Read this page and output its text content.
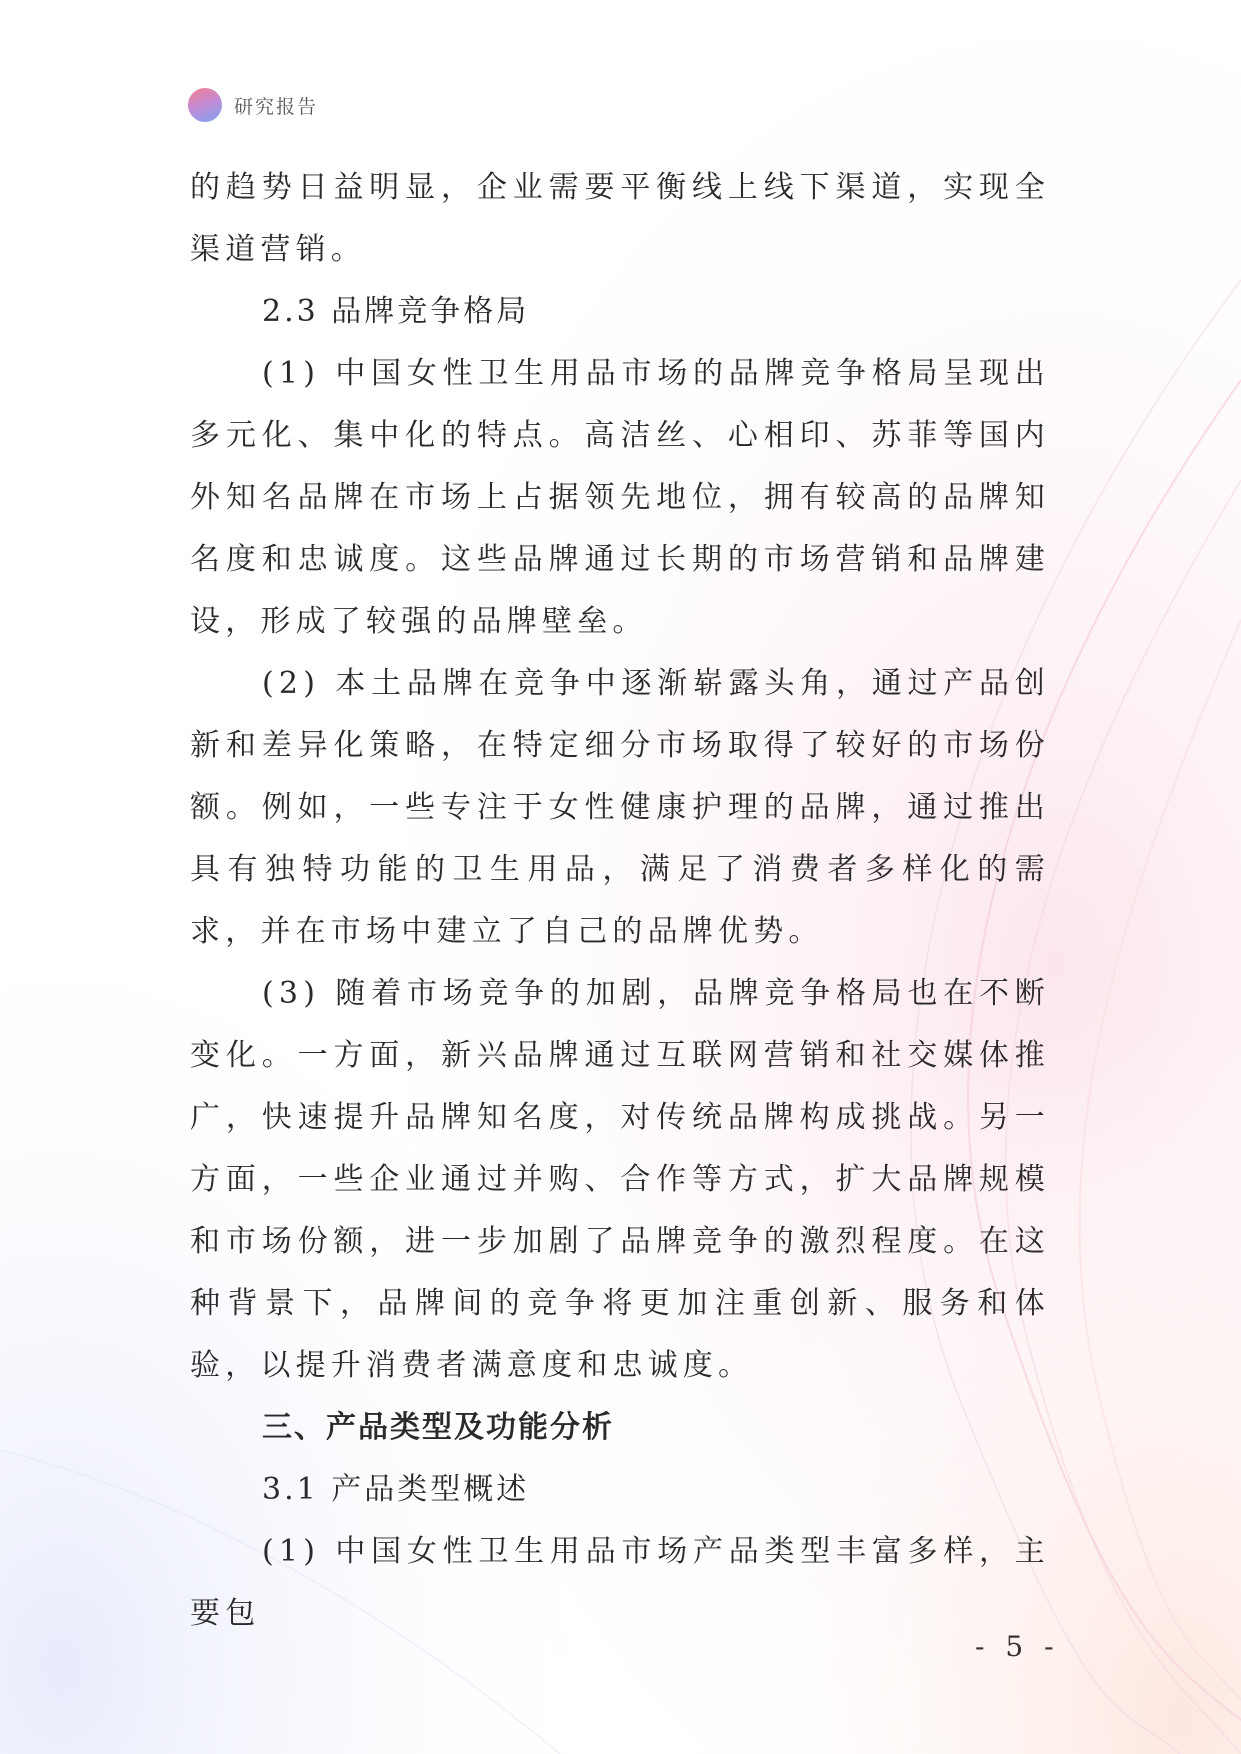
研究报告

的趋势日益明显，企业需要平衡线上线下渠道，实现全渠道营销。

2.3 品牌竞争格局

(1) 中国女性卫生用品市场的品牌竞争格局呈现出多元化、集中化的特点。高洁丝、心相印、苏菲等国内外知名品牌在市场上占据领先地位，拥有较高的品牌知名度和忠诚度。这些品牌通过长期的市场营销和品牌建设，形成了较强的品牌壁垒。

(2) 本土品牌在竞争中逐渐崭露头角，通过产品创新和差异化策略，在特定细分市场取得了较好的市场份额。例如，一些专注于女性健康护理的品牌，通过推出具有独特功能的卫生用品，满足了消费者多样化的需求，并在市场中建立了自己的品牌优势。

(3) 随着市场竞争的加剧，品牌竞争格局也在不断变化。一方面，新兴品牌通过互联网营销和社交媒体推广，快速提升品牌知名度，对传统品牌构成挑战。另一方面，一些企业通过并购、合作等方式，扩大品牌规模和市场份额，进一步加剧了品牌竞争的激烈程度。在这种背景下，品牌间的竞争将更加注重创新、服务和体验，以提升消费者满意度和忠诚度。

三、产品类型及功能分析

3.1 产品类型概述

(1) 中国女性卫生用品市场产品类型丰富多样，主要包

- 5 -
